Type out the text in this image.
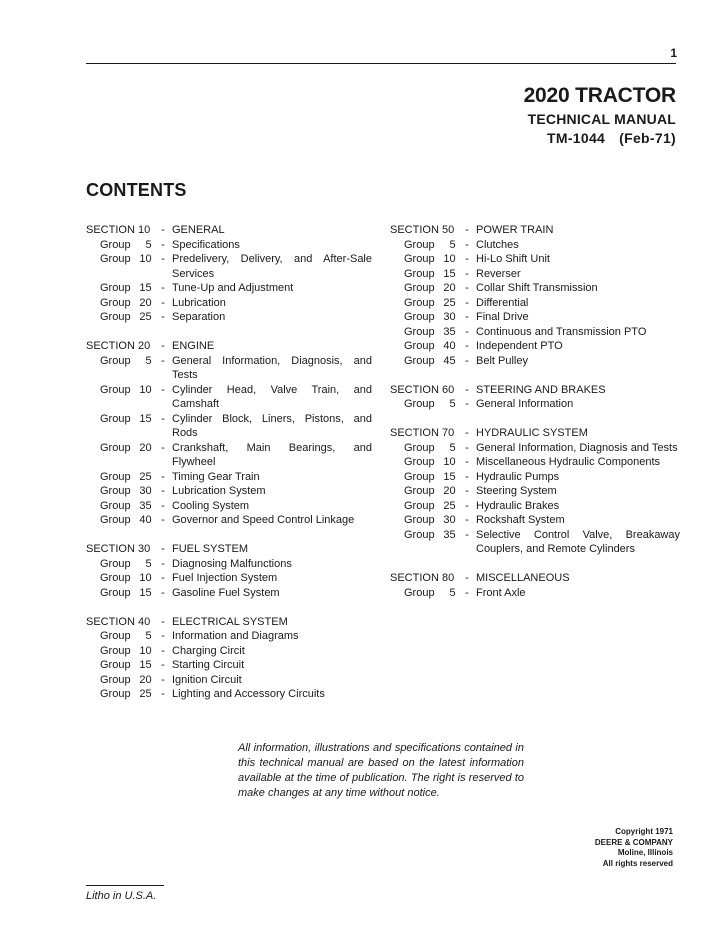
1
2020 TRACTOR
TECHNICAL MANUAL
TM-1044 (Feb-71)
CONTENTS
SECTION 10 - GENERAL
Group 5 - Specifications
Group 10 - Predelivery, Delivery, and After-Sale Services
Group 15 - Tune-Up and Adjustment
Group 20 - Lubrication
Group 25 - Separation
SECTION 20 - ENGINE
Group 5 - General Information, Diagnosis, and Tests
Group 10 - Cylinder Head, Valve Train, and Camshaft
Group 15 - Cylinder Block, Liners, Pistons, and Rods
Group 20 - Crankshaft, Main Bearings, and Flywheel
Group 25 - Timing Gear Train
Group 30 - Lubrication System
Group 35 - Cooling System
Group 40 - Governor and Speed Control Linkage
SECTION 30 - FUEL SYSTEM
Group 5 - Diagnosing Malfunctions
Group 10 - Fuel Injection System
Group 15 - Gasoline Fuel System
SECTION 40 - ELECTRICAL SYSTEM
Group 5 - Information and Diagrams
Group 10 - Charging Circit
Group 15 - Starting Circuit
Group 20 - Ignition Circuit
Group 25 - Lighting and Accessory Circuits
SECTION 50 - POWER TRAIN
Group 5 - Clutches
Group 10 - Hi-Lo Shift Unit
Group 15 - Reverser
Group 20 - Collar Shift Transmission
Group 25 - Differential
Group 30 - Final Drive
Group 35 - Continuous and Transmission PTO
Group 40 - Independent PTO
Group 45 - Belt Pulley
SECTION 60 - STEERING AND BRAKES
Group 5 - General Information
SECTION 70 - HYDRAULIC SYSTEM
Group 5 - General Information, Diagnosis and Tests
Group 10 - Miscellaneous Hydraulic Components
Group 15 - Hydraulic Pumps
Group 20 - Steering System
Group 25 - Hydraulic Brakes
Group 30 - Rockshaft System
Group 35 - Selective Control Valve, Breakaway Couplers, and Remote Cylinders
SECTION 80 - MISCELLANEOUS
Group 5 - Front Axle
All information, illustrations and specifications contained in this technical manual are based on the latest information available at the time of publication. The right is reserved to make changes at any time without notice.
Copyright 1971
DEERE & COMPANY
Moline, Illinois
All rights reserved
Litho in U.S.A.
